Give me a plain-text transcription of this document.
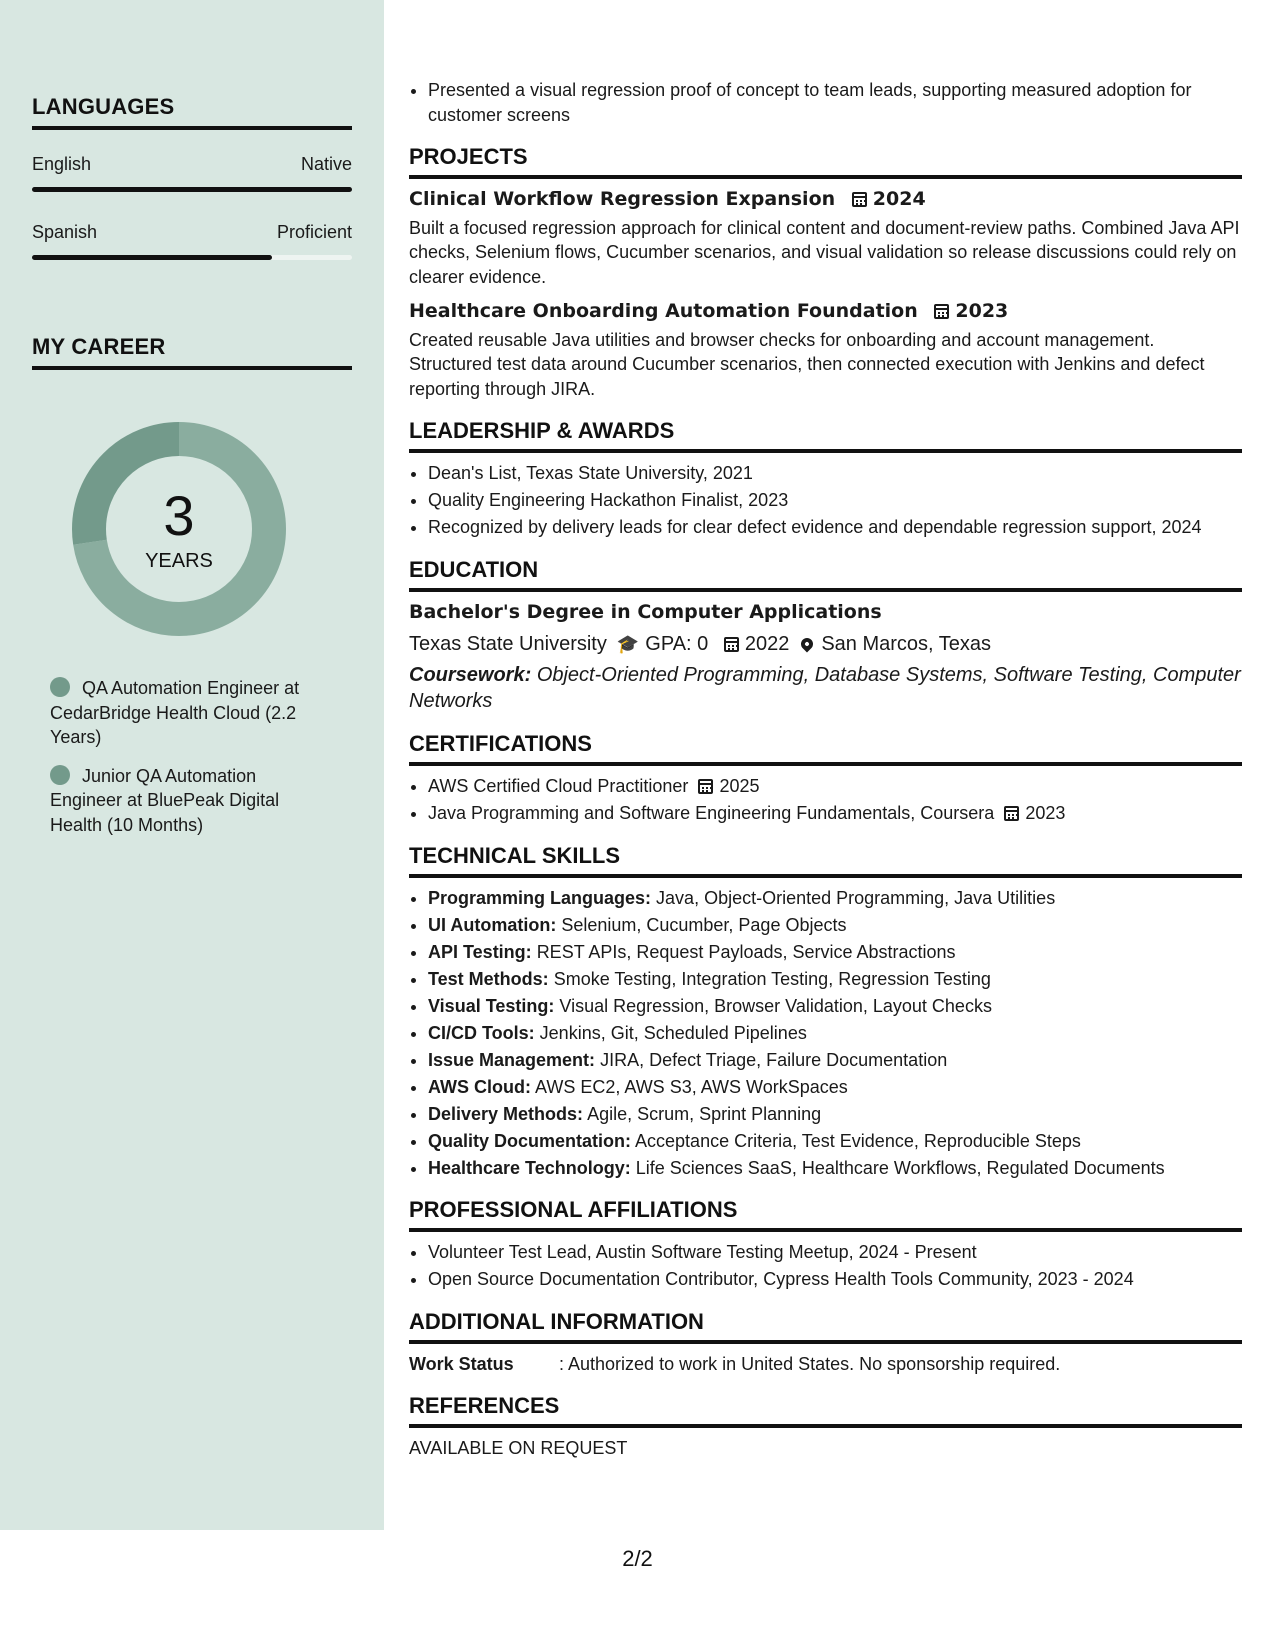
LANGUAGES
English	Native
Spanish	Proficient
MY CAREER
3
YEARS
QA Automation Engineer at CedarBridge Health Cloud (2.2 Years)
Junior QA Automation Engineer at BluePeak Digital Health (10 Months)
• Presented a visual regression proof of concept to team leads, supporting measured adoption for customer screens
PROJECTS
Clinical Workflow Regression Expansion 2024
Built a focused regression approach for clinical content and document-review paths. Combined Java API checks, Selenium flows, Cucumber scenarios, and visual validation so release discussions could rely on clearer evidence.
Healthcare Onboarding Automation Foundation 2023
Created reusable Java utilities and browser checks for onboarding and account management. Structured test data around Cucumber scenarios, then connected execution with Jenkins and defect reporting through JIRA.
LEADERSHIP & AWARDS
• Dean's List, Texas State University, 2021
• Quality Engineering Hackathon Finalist, 2023
• Recognized by delivery leads for clear defect evidence and dependable regression support, 2024
EDUCATION
Bachelor's Degree in Computer Applications
Texas State University 🎓 GPA: 0 2022 San Marcos, Texas
Coursework: Object-Oriented Programming, Database Systems, Software Testing, Computer Networks
CERTIFICATIONS
• AWS Certified Cloud Practitioner 2025
• Java Programming and Software Engineering Fundamentals, Coursera 2023
TECHNICAL SKILLS
• Programming Languages: Java, Object-Oriented Programming, Java Utilities
• UI Automation: Selenium, Cucumber, Page Objects
• API Testing: REST APIs, Request Payloads, Service Abstractions
• Test Methods: Smoke Testing, Integration Testing, Regression Testing
• Visual Testing: Visual Regression, Browser Validation, Layout Checks
• CI/CD Tools: Jenkins, Git, Scheduled Pipelines
• Issue Management: JIRA, Defect Triage, Failure Documentation
• AWS Cloud: AWS EC2, AWS S3, AWS WorkSpaces
• Delivery Methods: Agile, Scrum, Sprint Planning
• Quality Documentation: Acceptance Criteria, Test Evidence, Reproducible Steps
• Healthcare Technology: Life Sciences SaaS, Healthcare Workflows, Regulated Documents
PROFESSIONAL AFFILIATIONS
• Volunteer Test Lead, Austin Software Testing Meetup, 2024 - Present
• Open Source Documentation Contributor, Cypress Health Tools Community, 2023 - 2024
ADDITIONAL INFORMATION
Work Status	: Authorized to work in United States. No sponsorship required.
REFERENCES
AVAILABLE ON REQUEST
2/2
